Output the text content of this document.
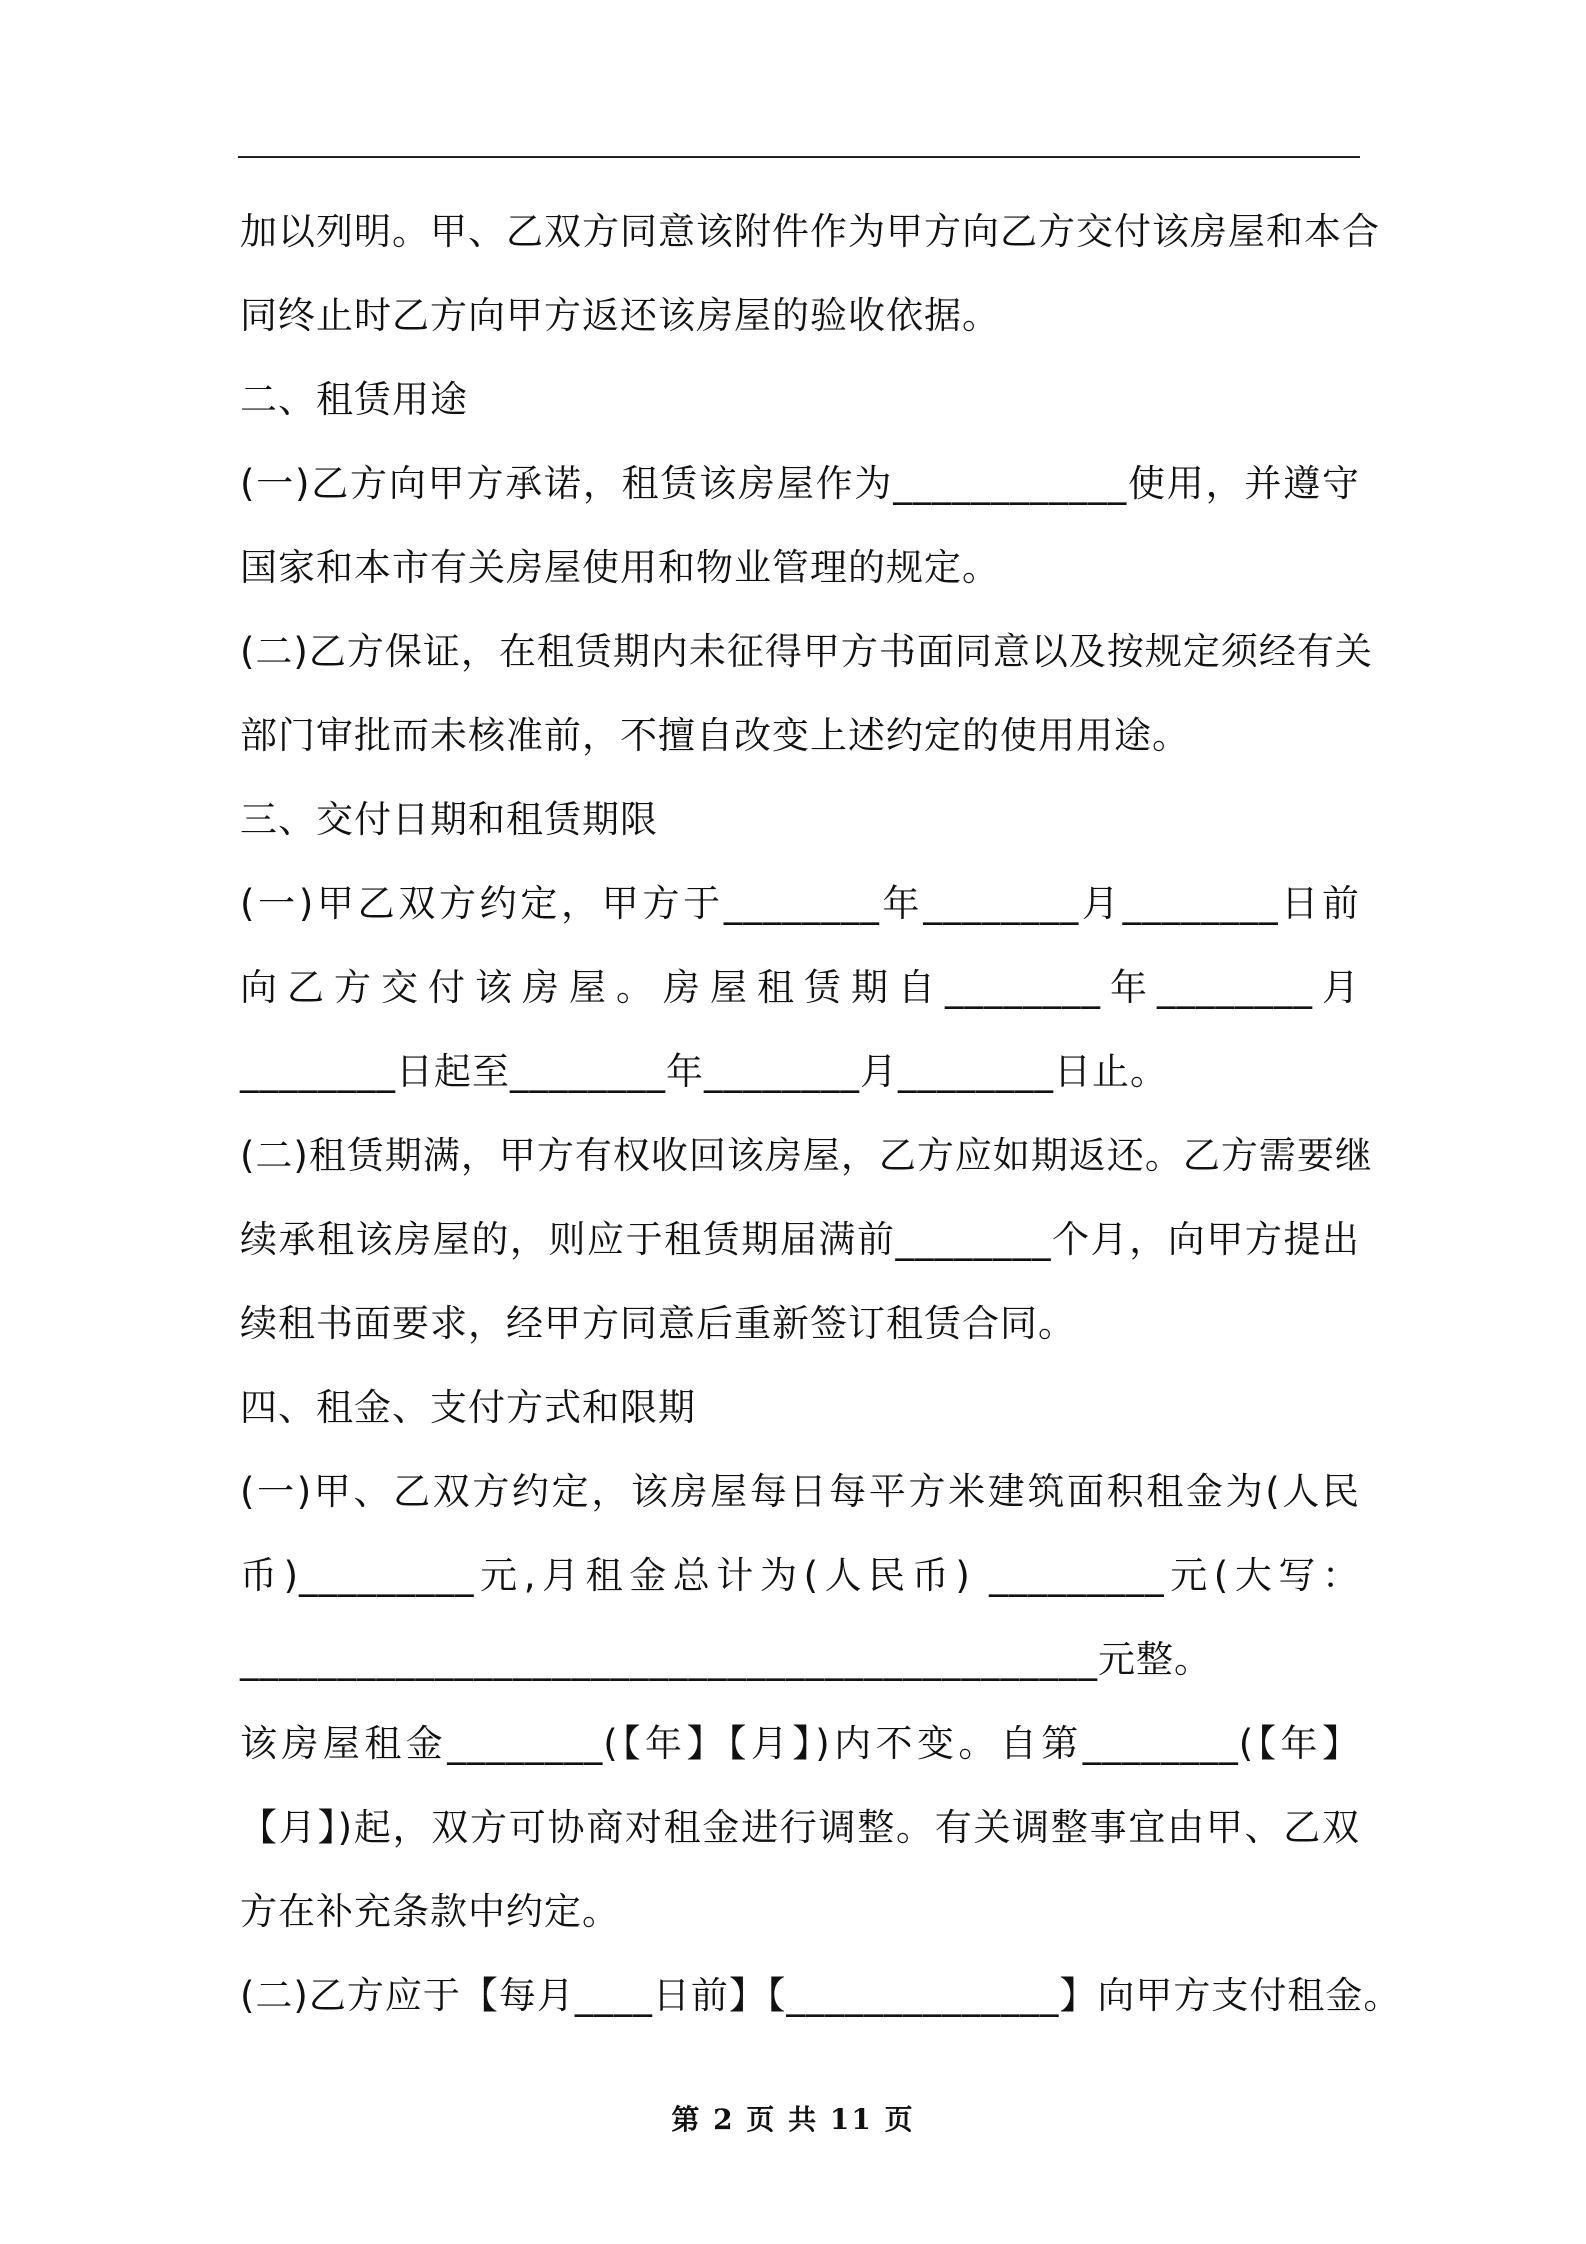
加以列明。甲、乙双方同意该附件作为甲方向乙方交付该房屋和本合
同终止时乙方向甲方返还该房屋的验收依据。
二、租赁用途
(一)乙方向甲方承诺，租赁该房屋作为____________使用，并遵守
国家和本市有关房屋使用和物业管理的规定。
(二)乙方保证，在租赁期内未征得甲方书面同意以及按规定须经有关
部门审批而未核准前，不擅自改变上述约定的使用用途。
三、交付日期和租赁期限
(一)甲乙双方约定，甲方于________年________月________日前
向乙方交付该房屋。房屋租赁期自________年________月
________日起至________年________月________日止。
(二)租赁期满，甲方有权收回该房屋，乙方应如期返还。乙方需要继
续承租该房屋的，则应于租赁期届满前________个月，向甲方提出
续租书面要求，经甲方同意后重新签订租赁合同。
四、租金、支付方式和限期
(一)甲、乙双方约定，该房屋每日每平方米建筑面积租金为(人民
币)_________元,月租金总计为(人民币) _________元(大写：
____________________________________________元整。
该房屋租金________(【年】【月】)内不变。自第________(【年】
【月】)起，双方可协商对租金进行调整。有关调整事宜由甲、乙双
方在补充条款中约定。
(二)乙方应于【每月____日前】【______________】向甲方支付租金。
第 2 页 共 11 页
